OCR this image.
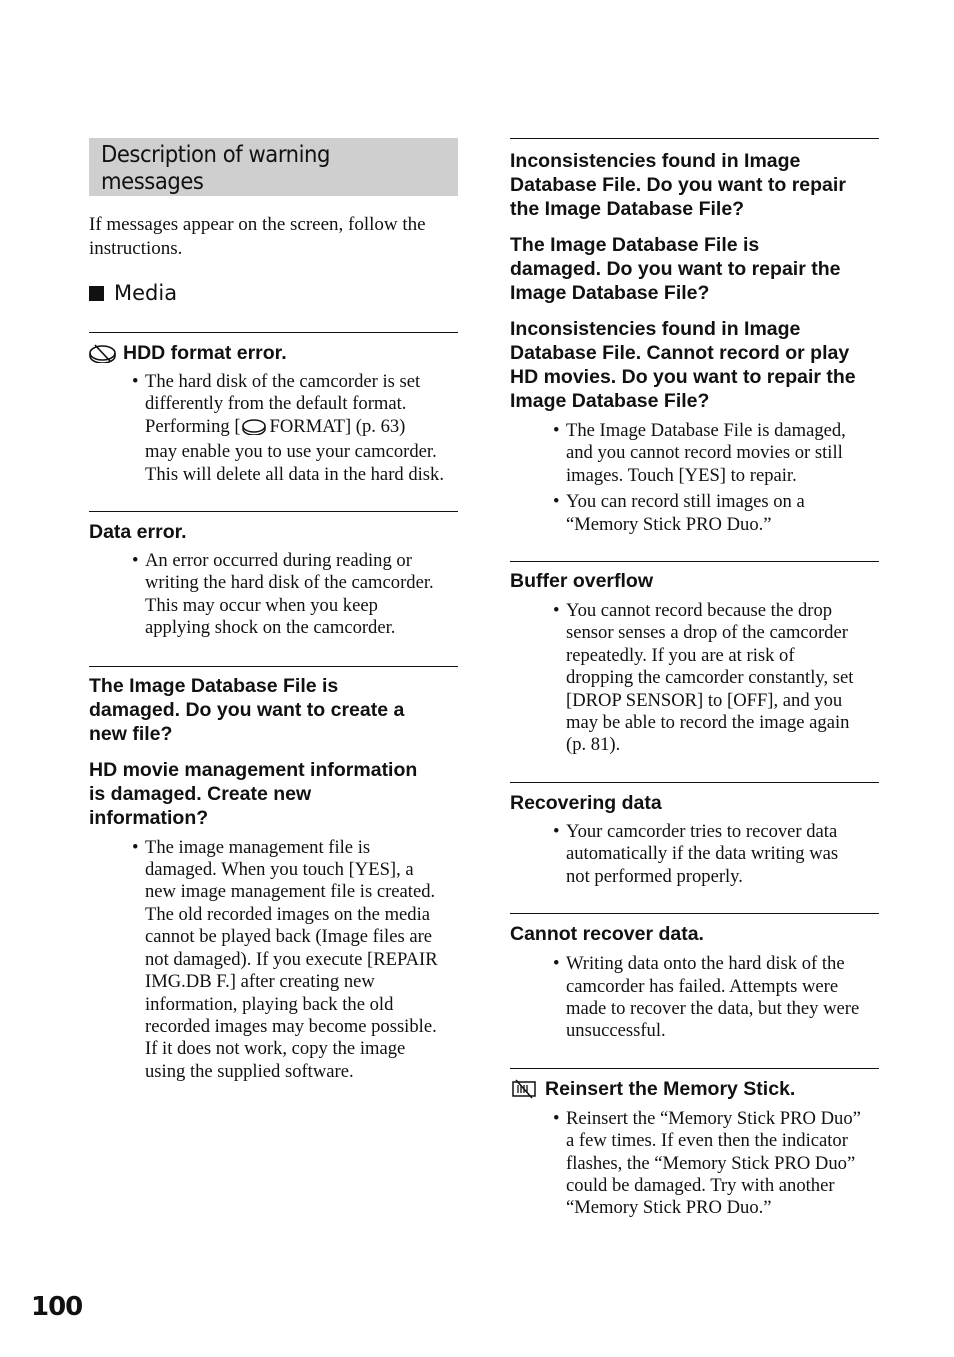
Description of warning
messages

If messages appear on the screen, follow the
instructions.

Media
HDD format error.
• The hard disk of the camcorder is set
differently from the default format.
Performing [ FORMAT] (p. 63)
may enable you to use your camcorder.
This will delete all data in the hard disk.
Data error.
• An error occurred during reading or
writing the hard disk of the camcorder.
This may occur when you keep
applying shock on the camcorder.
The Image Database File is
damaged. Do you want to create a
new file?
HD movie management information
is damaged. Create new
information?
• The image management file is
damaged. When you touch [YES], a
new image management file is created.
The old recorded images on the media
cannot be played back (Image files are
not damaged). If you execute [REPAIR
IMG.DB F.] after creating new
information, playing back the old
recorded images may become possible.
If it does not work, copy the image
using the supplied software.
Inconsistencies found in Image
Database File. Do you want to repair
the Image Database File?
The Image Database File is
damaged. Do you want to repair the
Image Database File?
Inconsistencies found in Image
Database File. Cannot record or play
HD movies. Do you want to repair the
Image Database File?
• The Image Database File is damaged,
and you cannot record movies or still
images. Touch [YES] to repair.
• You can record still images on a
“Memory Stick PRO Duo.”
Buffer overflow
• You cannot record because the drop
sensor senses a drop of the camcorder
repeatedly. If you are at risk of
dropping the camcorder constantly, set
[DROP SENSOR] to [OFF], and you
may be able to record the image again
(p. 81).
Recovering data
• Your camcorder tries to recover data
automatically if the data writing was
not performed properly.
Cannot recover data.
• Writing data onto the hard disk of the
camcorder has failed. Attempts were
made to recover the data, but they were
unsuccessful.
Reinsert the Memory Stick.
• Reinsert the “Memory Stick PRO Duo”
a few times. If even then the indicator
flashes, the “Memory Stick PRO Duo”
could be damaged. Try with another
“Memory Stick PRO Duo.”
100
